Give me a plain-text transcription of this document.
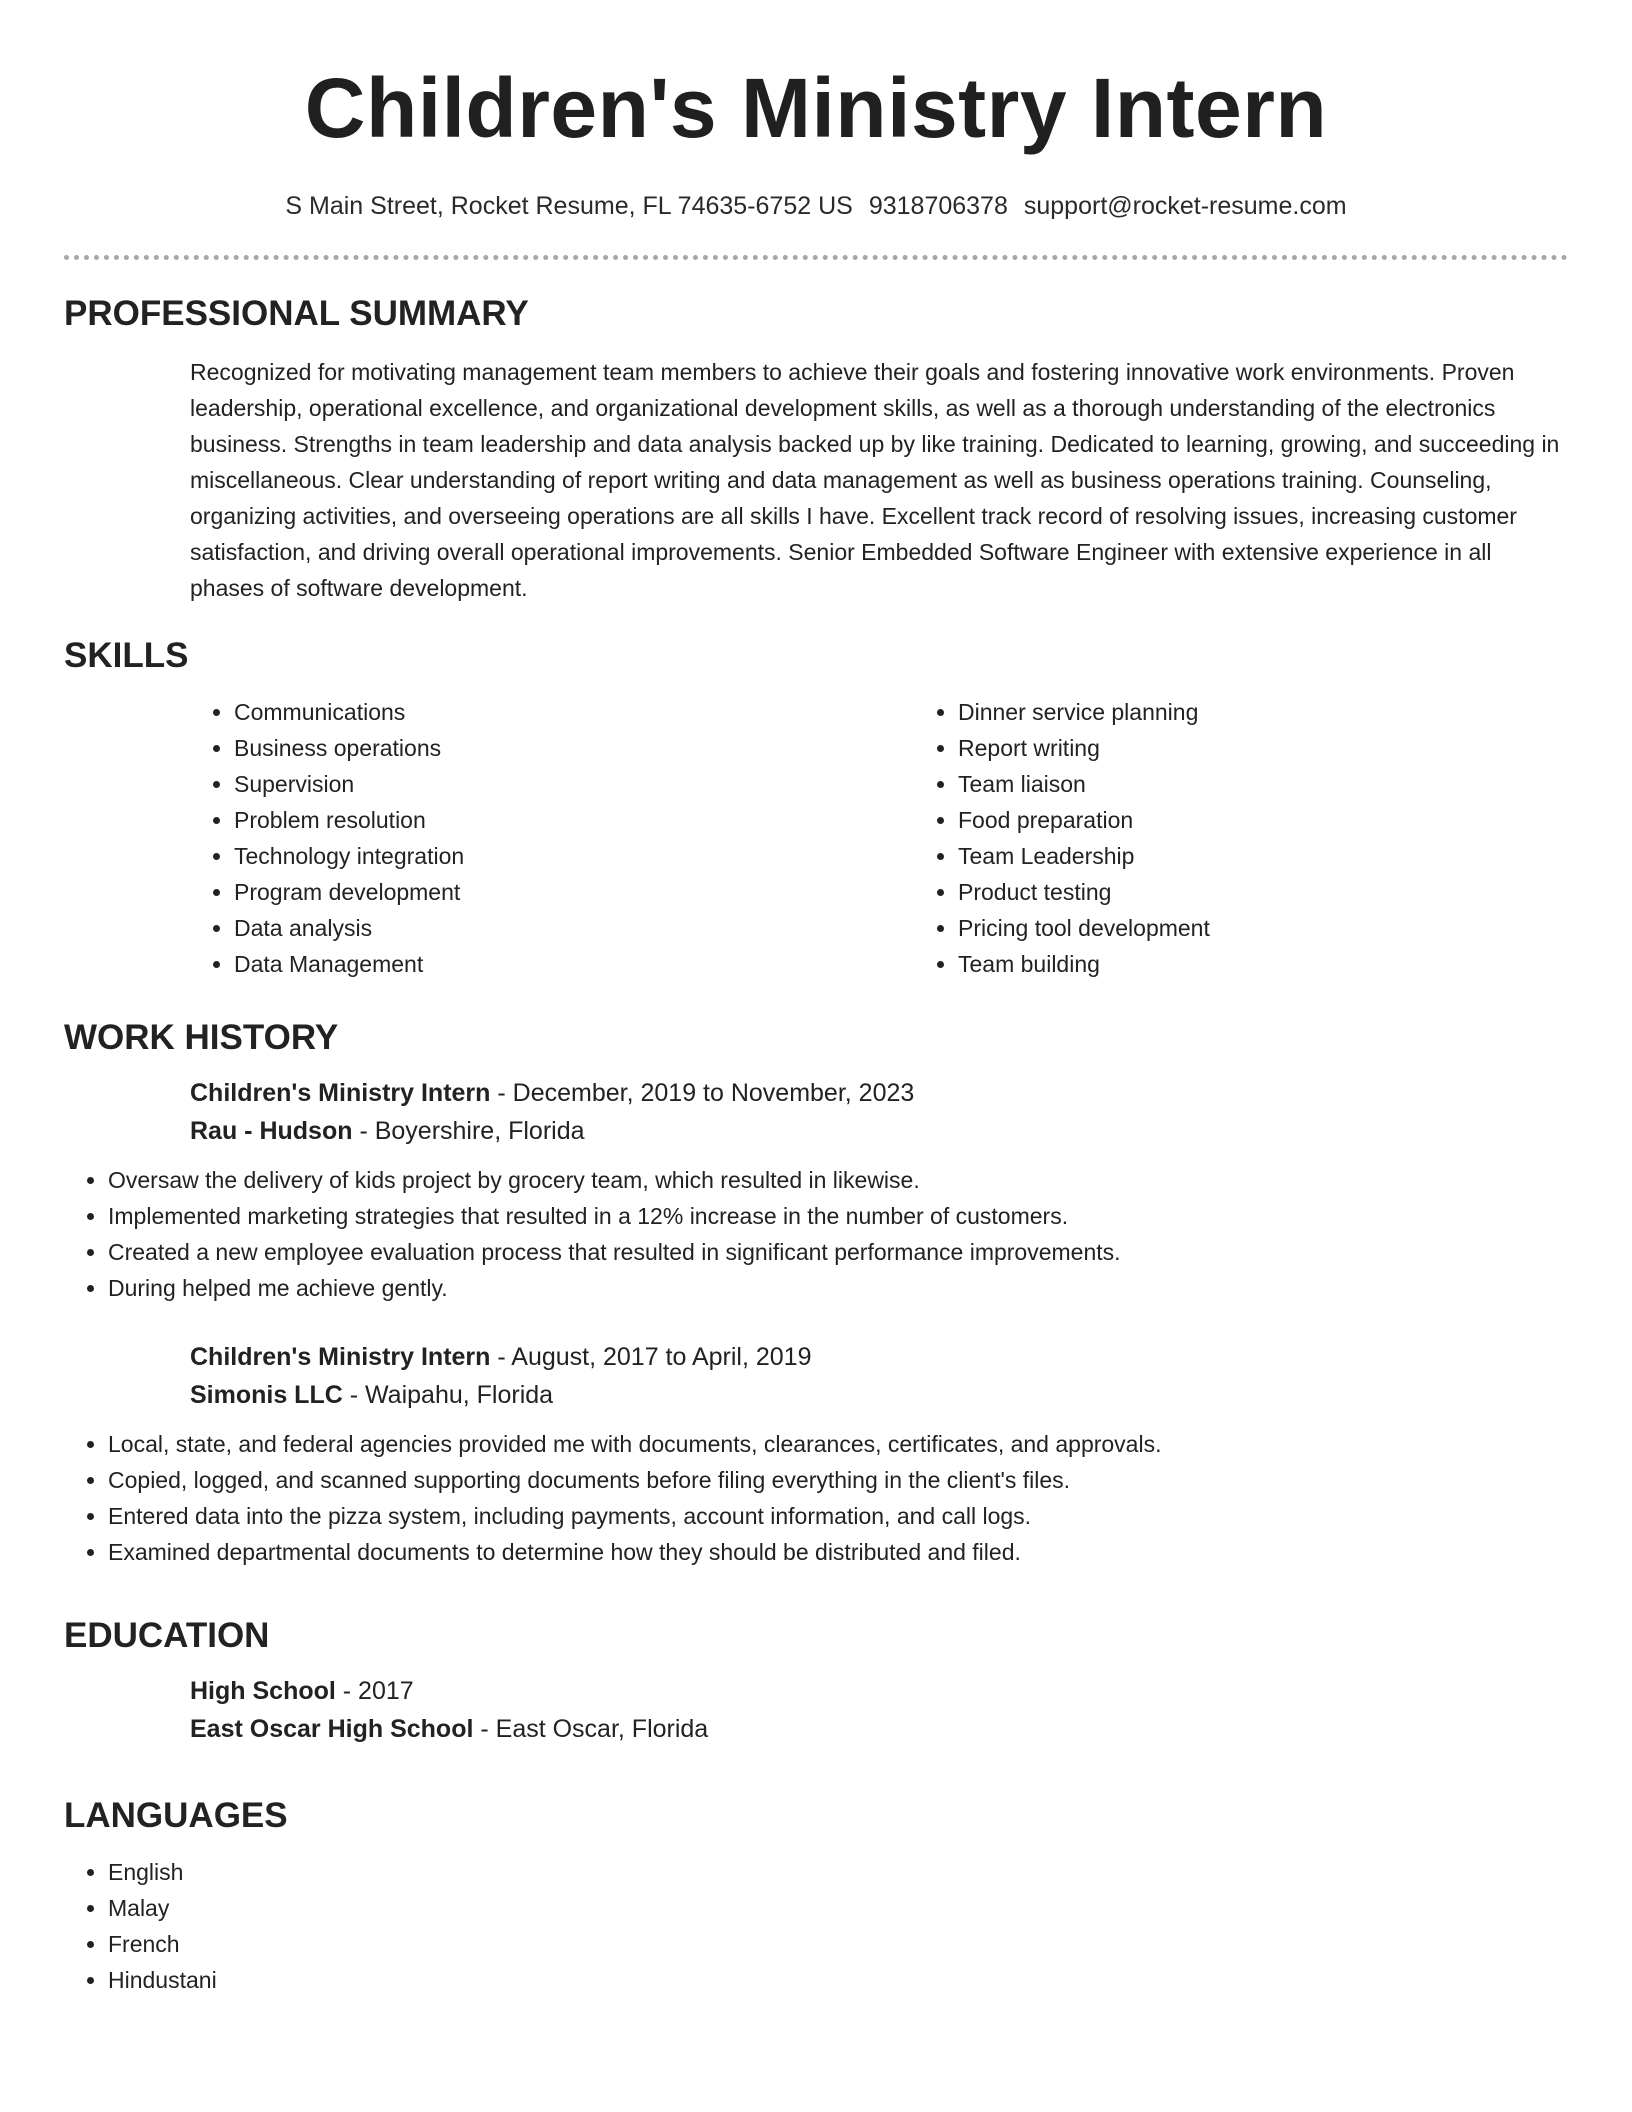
Children's Ministry Intern
S Main Street, Rocket Resume, FL 74635-6752 US 9318706378 support@rocket-resume.com
PROFESSIONAL SUMMARY
Recognized for motivating management team members to achieve their goals and fostering innovative work environments. Proven leadership, operational excellence, and organizational development skills, as well as a thorough understanding of the electronics business. Strengths in team leadership and data analysis backed up by like training. Dedicated to learning, growing, and succeeding in miscellaneous. Clear understanding of report writing and data management as well as business operations training. Counseling, organizing activities, and overseeing operations are all skills I have. Excellent track record of resolving issues, increasing customer satisfaction, and driving overall operational improvements. Senior Embedded Software Engineer with extensive experience in all phases of software development.
SKILLS
• Communications
• Business operations
• Supervision
• Problem resolution
• Technology integration
• Program development
• Data analysis
• Data Management
• Dinner service planning
• Report writing
• Team liaison
• Food preparation
• Team Leadership
• Product testing
• Pricing tool development
• Team building
WORK HISTORY
Children's Ministry Intern - December, 2019 to November, 2023
Rau - Hudson - Boyershire, Florida
• Oversaw the delivery of kids project by grocery team, which resulted in likewise.
• Implemented marketing strategies that resulted in a 12% increase in the number of customers.
• Created a new employee evaluation process that resulted in significant performance improvements.
• During helped me achieve gently.
Children's Ministry Intern - August, 2017 to April, 2019
Simonis LLC - Waipahu, Florida
• Local, state, and federal agencies provided me with documents, clearances, certificates, and approvals.
• Copied, logged, and scanned supporting documents before filing everything in the client's files.
• Entered data into the pizza system, including payments, account information, and call logs.
• Examined departmental documents to determine how they should be distributed and filed.
EDUCATION
High School - 2017
East Oscar High School - East Oscar, Florida
LANGUAGES
• English
• Malay
• French
• Hindustani
